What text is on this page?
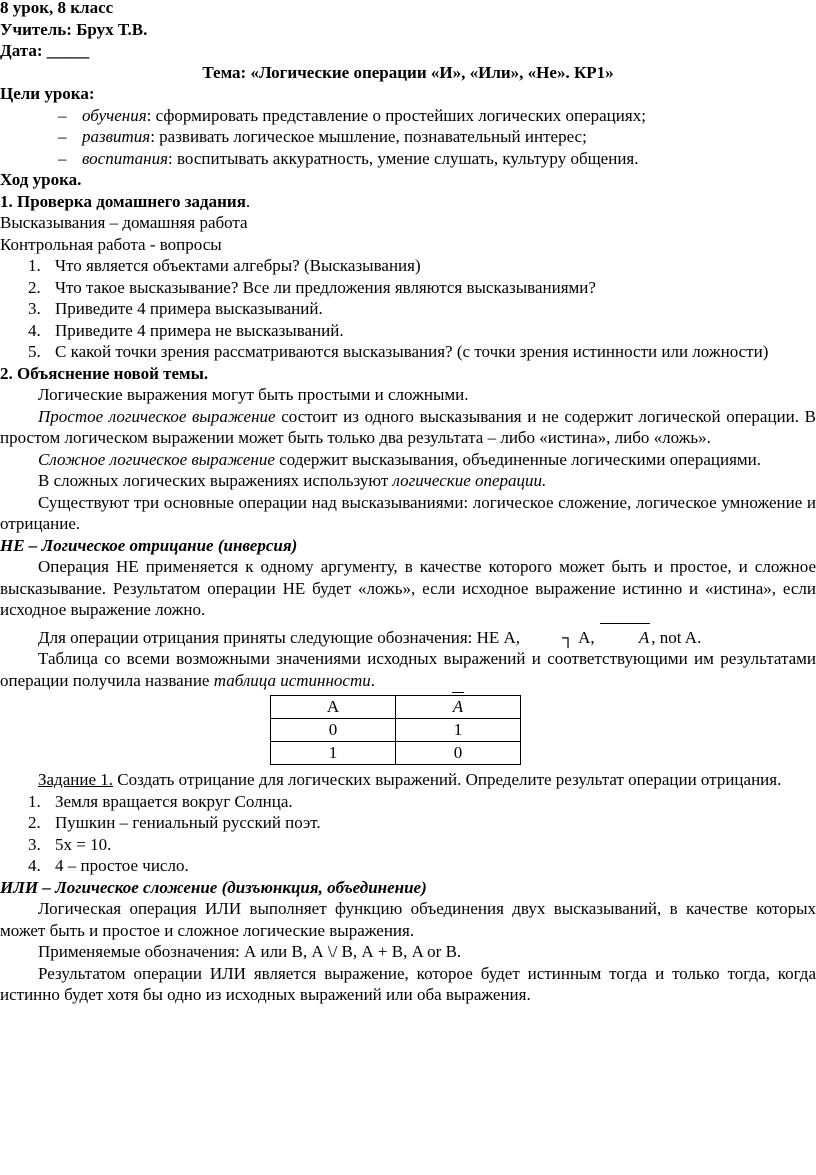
8 урок, 8 класс
Учитель: Брух Т.В.
Дата: _____
Тема: «Логические операции «И», «Или», «Не». КР1»
Цели урока:
– обучения: сформировать представление о простейших логических операциях;
– развития: развивать логическое мышление, познавательный интерес;
– воспитания: воспитывать аккуратность, умение слушать, культуру общения.
Ход урока.
1. Проверка домашнего задания.
Высказывания – домашняя работа
Контрольная работа - вопросы
1. Что является объектами алгебры? (Высказывания)
2. Что такое высказывание? Все ли предложения являются высказываниями?
3. Приведите 4 примера высказываний.
4. Приведите 4 примера не высказываний.
5. С какой точки зрения рассматриваются высказывания? (с точки зрения истинности или ложности)
2. Объяснение новой темы.

Логические выражения могут быть простыми и сложными.

Простое логическое выражение состоит из одного высказывания и не содержит логической операции. В простом логическом выражении может быть только два результата – либо «истина», либо «ложь».

Сложное логическое выражение содержит высказывания, объединенные логическими операциями.

В сложных логических выражениях используют логические операции.

Существуют три основные операции над высказываниями: логическое сложение, логическое умножение и отрицание.

НЕ – Логическое отрицание (инверсия)

Операция НЕ применяется к одному аргументу, в качестве которого может быть и простое, и сложное высказывание. Результатом операции НЕ будет «ложь», если исходное выражение истинно и «истина», если исходное выражение ложно.

Для операции отрицания приняты следующие обозначения: НЕ А, ┐ А,	A , not A.

Таблица со всеми возможными значениями исходных выражений и соответствующими им результатами операции получила название таблица истинности.

A	A
0	1
1	0

Задание 1. Создать отрицание для логических выражений. Определите результат операции отрицания.

1. Земля вращается вокруг Солнца.
2. Пушкин – гениальный русский поэт.
3. 5x = 10.
4. 4 – простое число.
ИЛИ – Логическое сложение (дизъюнкция, объединение)

Логическая операция ИЛИ выполняет функцию объединения двух высказываний, в качестве которых может быть и простое и сложное логические выражения.

Применяемые обозначения: А или В, А \/ В, А + В, A or B.

Результатом операции ИЛИ является выражение, которое будет истинным тогда и только тогда, когда истинно будет хотя бы одно из исходных выражений или оба выражения.
